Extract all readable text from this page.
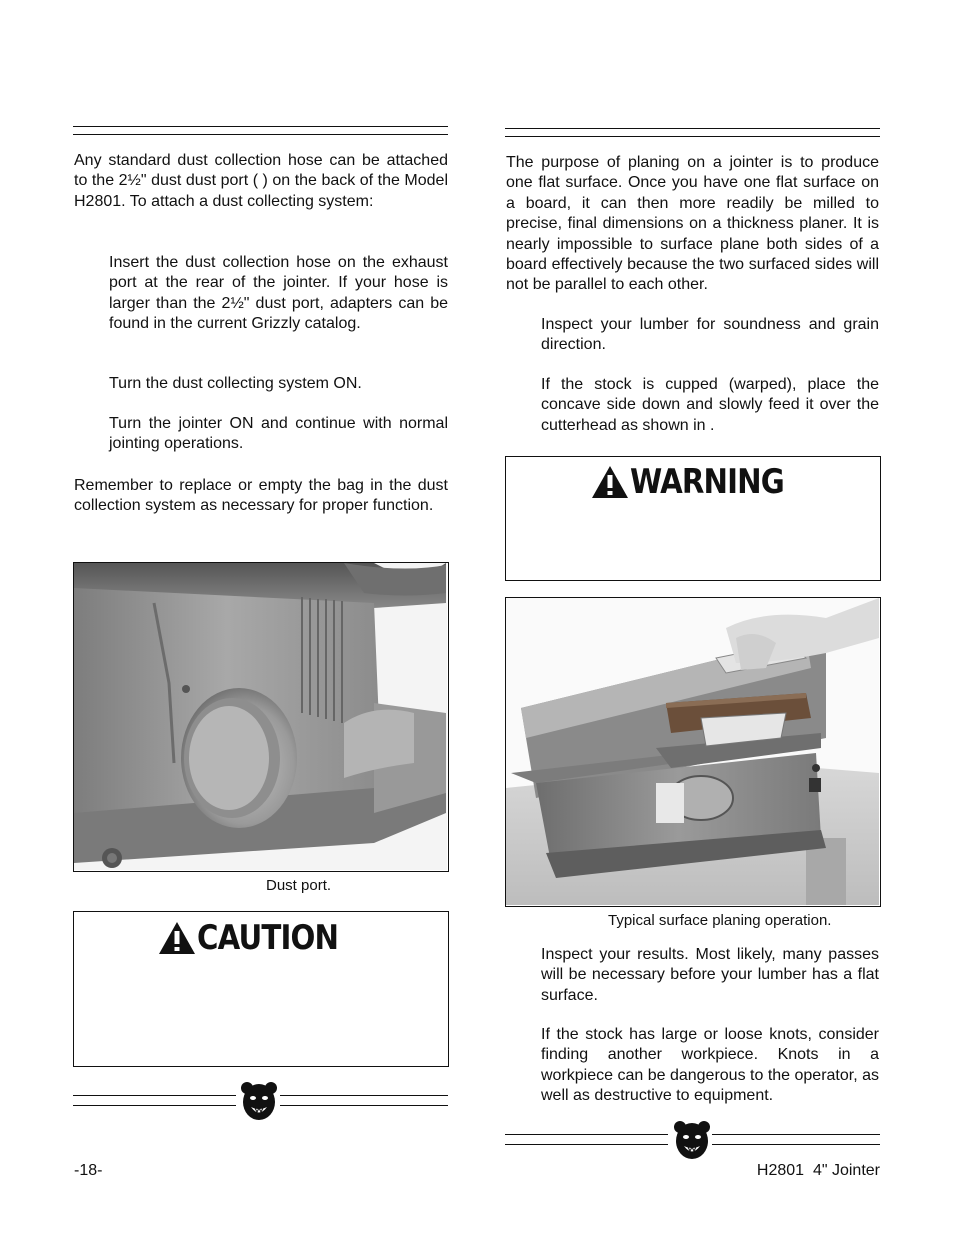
Any standard dust collection hose can be attached to the 2½" dust dust port ( ) on the back of the Model H2801. To attach a dust collecting system:
Insert the dust collection hose on the exhaust port at the rear of the jointer. If your hose is larger than the 2½" dust port, adapters can be found in the current Grizzly catalog.
Turn the dust collecting system ON.
Turn the jointer ON and continue with normal jointing operations.
Remember to replace or empty the bag in the dust collection system as necessary for proper function.
Dust port.
CAUTION
-18-
The purpose of planing on a jointer is to produce one flat surface. Once you have one flat surface on a board, it can then more readily be milled to precise, final dimensions on a thickness planer. It is nearly impossible to surface plane both sides of a board effectively because the two surfaced sides will not be parallel to each other.
Inspect your lumber for soundness and grain direction.
If the stock is cupped (warped), place the concave side down and slowly feed it over the cutterhead as shown in .
WARNING
Typical surface planing operation.
Inspect your results. Most likely, many passes will be necessary before your lumber has a flat surface.
If the stock has large or loose knots, consider finding another workpiece. Knots in a workpiece can be dangerous to the operator, as well as destructive to equipment.
H2801  4" Jointer
